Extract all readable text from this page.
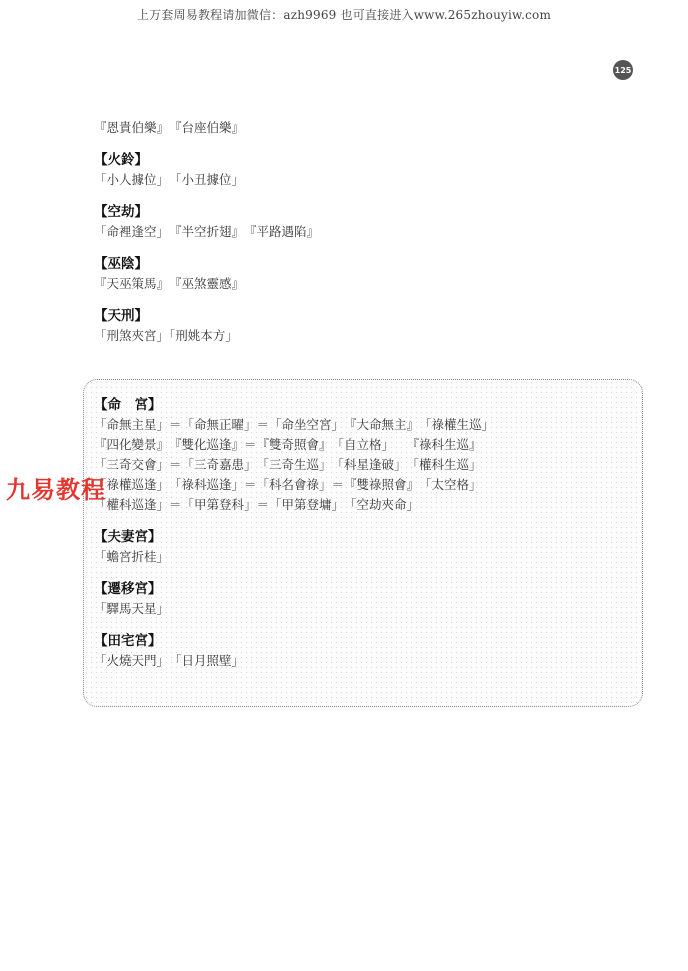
上万套周易教程请加微信：azh9969 也可直接进入www.265zhouyiw.com
125
『恩貴伯樂』　『台座伯樂』
【火鈴】
「小人據位」　「小丑據位」
【空劫】
「命裡逢空」　『半空折翅』　『平路遇陷』
【巫陰】
『天巫策馬』　『巫煞靈感』
【天刑】
「刑煞夾宮」「刑姚本方」
【命　宮】
「命無主星」＝「命無正曜」＝「命坐空宮」　『大命無主』　「祿權生巡」
『四化變景』　『雙化巡逢』＝『雙奇照會』　「自立格」　　『祿科生巡』
「三奇交會」＝「三奇嘉患」　「三奇生巡」　「科星逢破」　「權科生巡」
「祿權巡逢」　「祿科巡逢」＝「科名會祿」＝『雙祿照會』　「太空格」
「權科巡逢」＝「甲第登科」＝「甲第登墉」　「空劫夾命」
【夫妻宮】
「蟾宮折桂」
【遷移宮】
「驛馬天星」
【田宅宮】
「火燒天門」　「日月照壁」
九易教程
